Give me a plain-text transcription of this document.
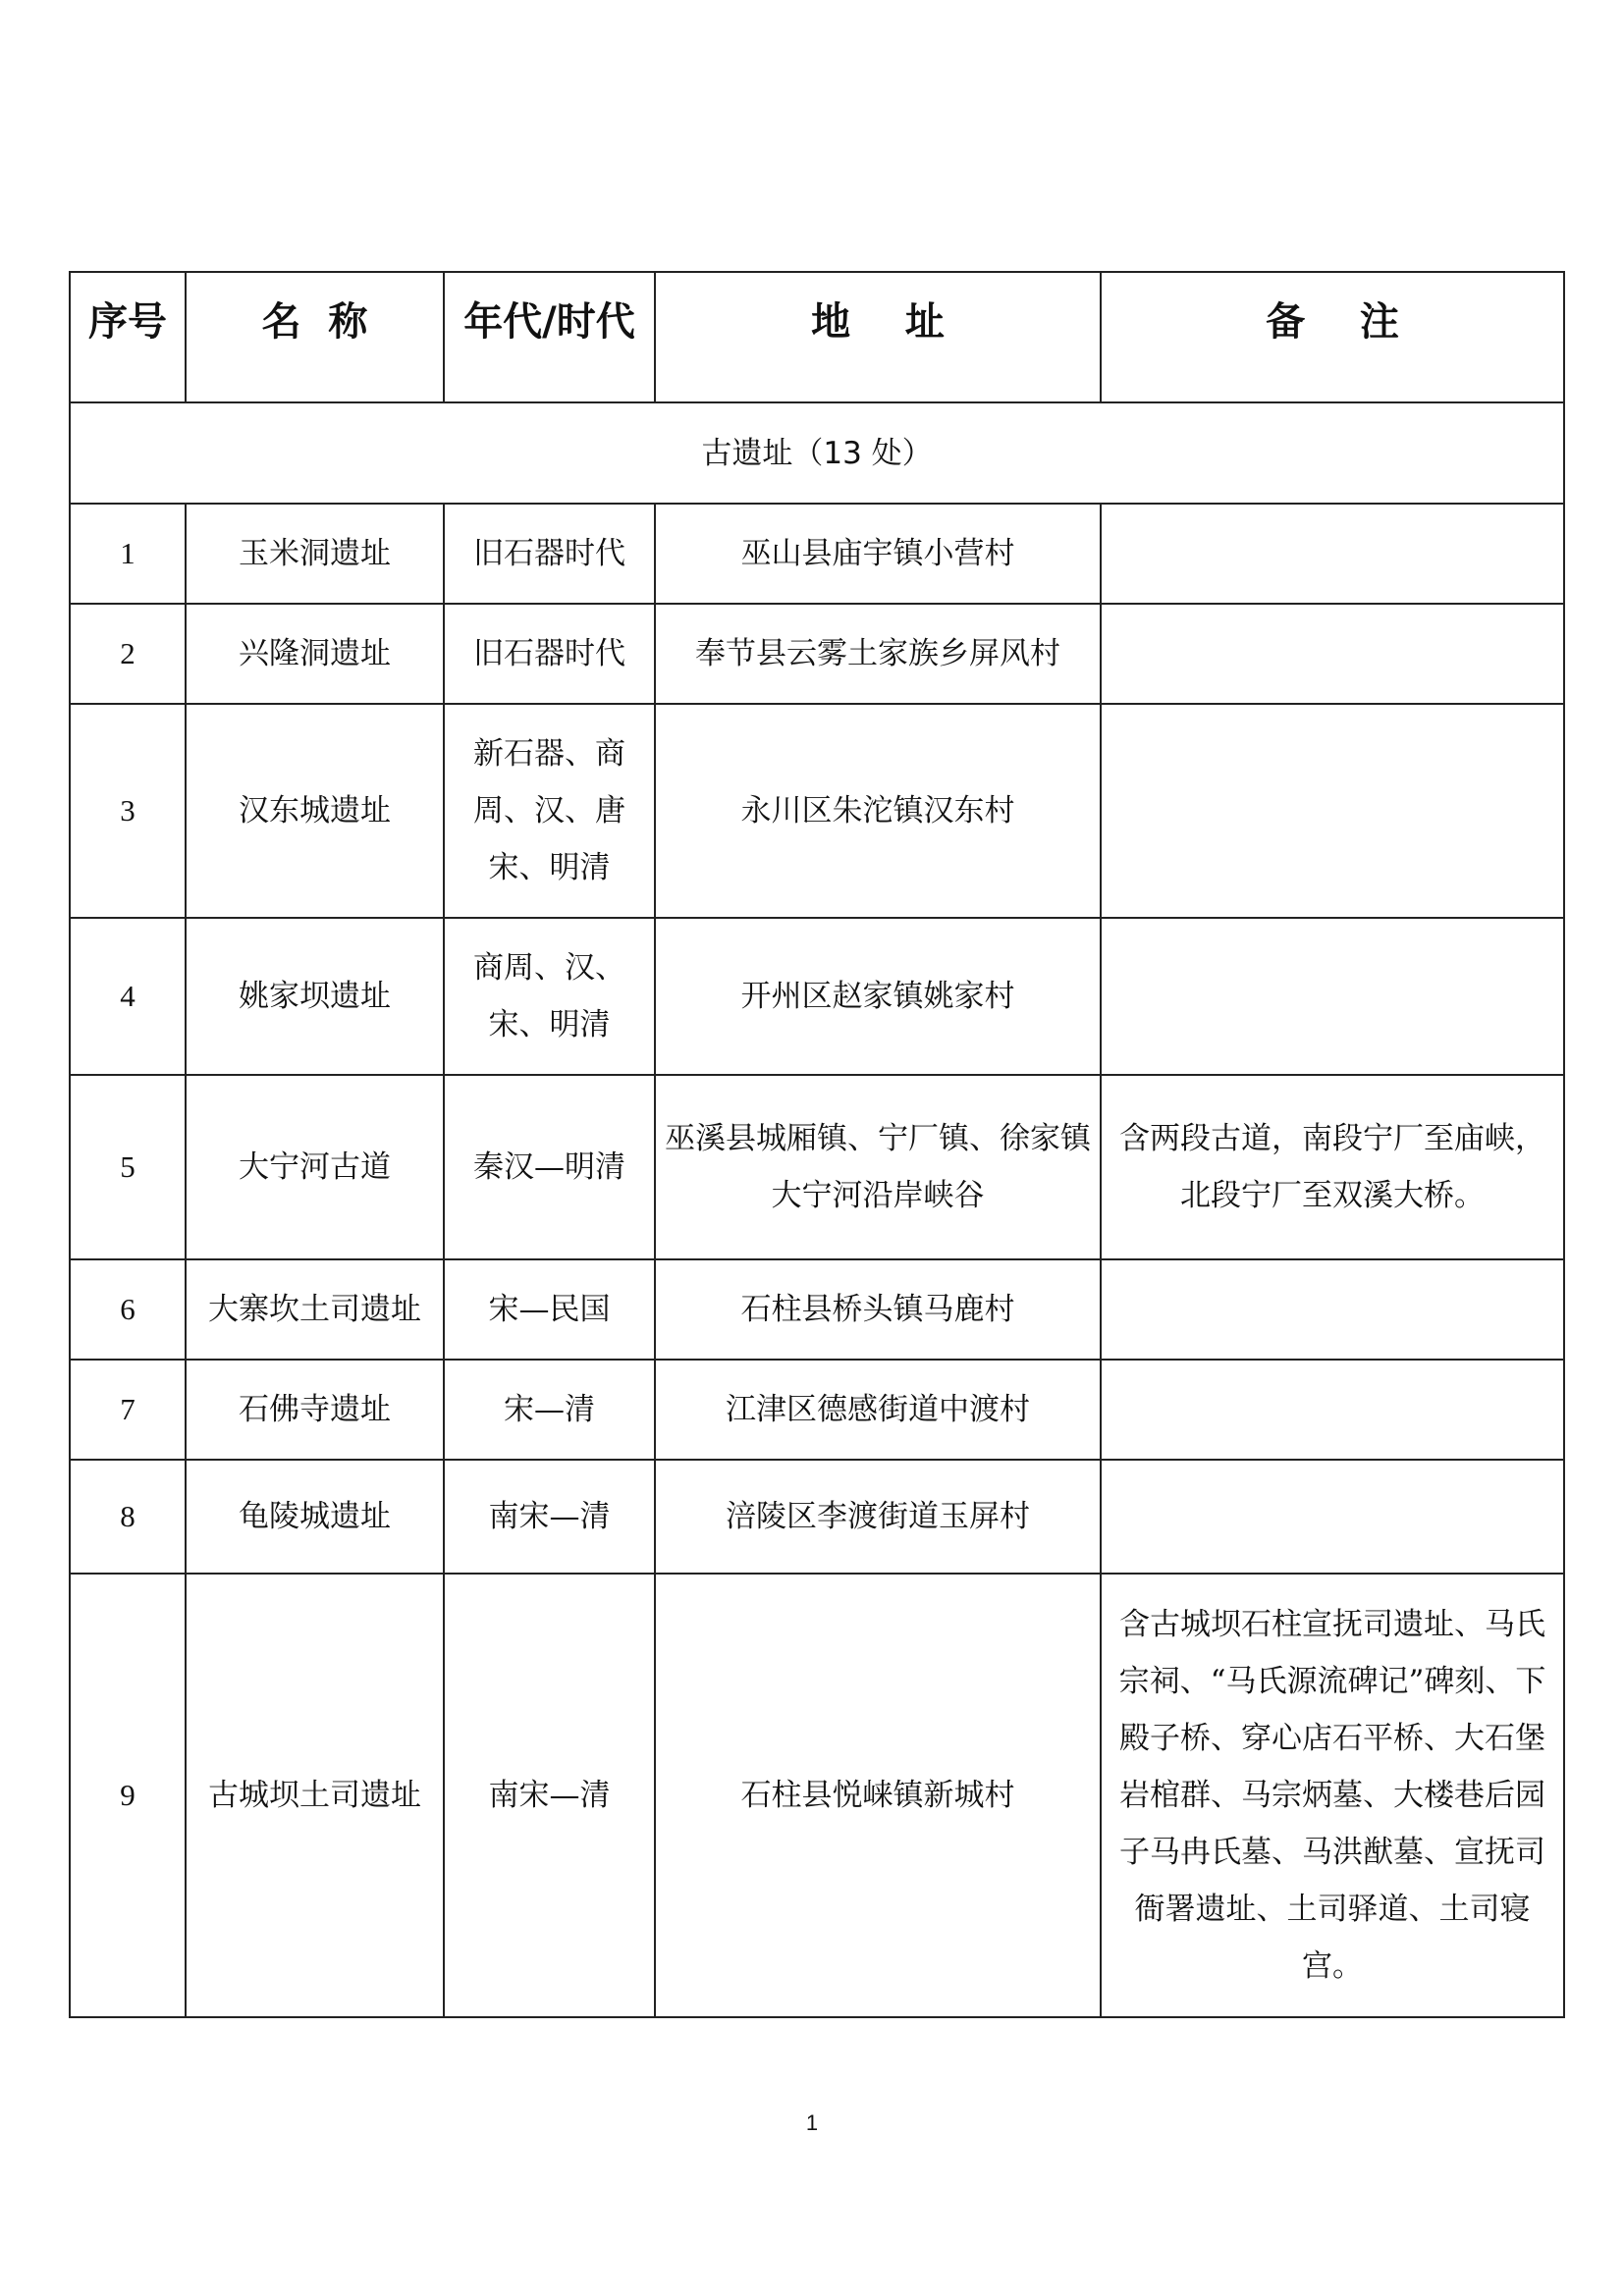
序号	名  称	年代/时代	地    址	备    注
古遗址（13 处）				
1	玉米洞遗址	旧石器时代	巫山县庙宇镇小营村	
2	兴隆洞遗址	旧石器时代	奉节县云雾土家族乡屏风村	
3	汉东城遗址	新石器、商周、汉、唐宋、明清	永川区朱沱镇汉东村	
4	姚家坝遗址	商周、汉、宋、明清	开州区赵家镇姚家村	
5	大宁河古道	秦汉—明清	巫溪县城厢镇、宁厂镇、徐家镇大宁河沿岸峡谷	含两段古道，南段宁厂至庙峡，北段宁厂至双溪大桥。
6	大寨坎土司遗址	宋—民国	石柱县桥头镇马鹿村	
7	石佛寺遗址	宋—清	江津区德感街道中渡村	
8	龟陵城遗址	南宋—清	涪陵区李渡街道玉屏村	
9	古城坝土司遗址	南宋—清	石柱县悦崃镇新城村	含古城坝石柱宣抚司遗址、马氏宗祠、“马氏源流碑记”碑刻、下殿子桥、穿心店石平桥、大石堡岩棺群、马宗炳墓、大楼巷后园子马冉氏墓、马洪猷墓、宣抚司衙署遗址、土司驿道、土司寝宫。
1
